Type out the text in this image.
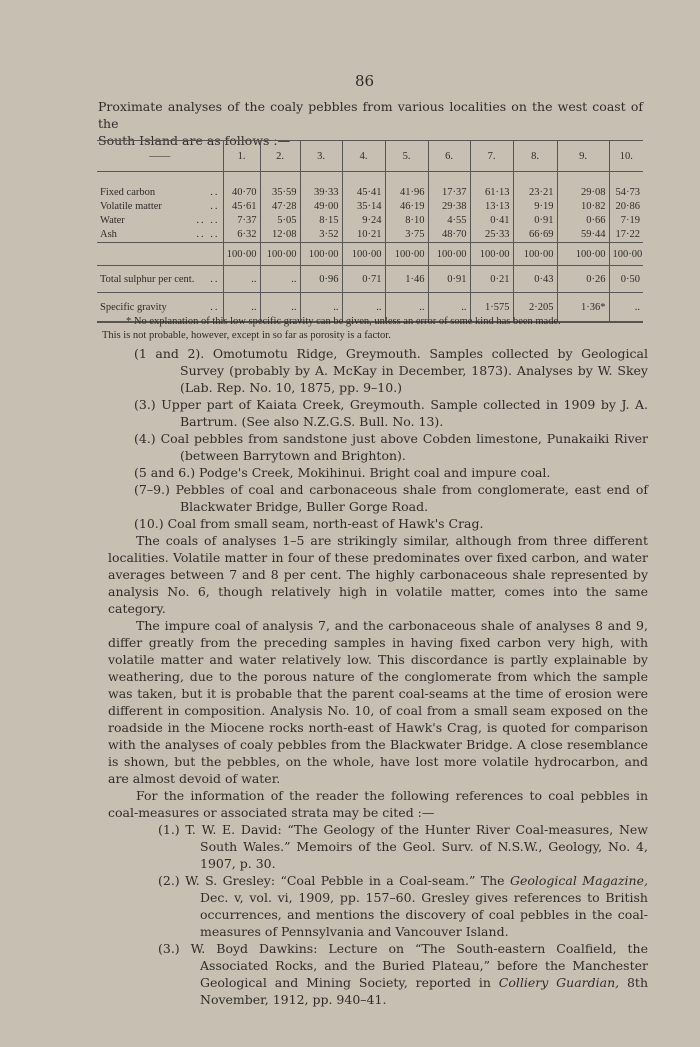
86
Proximate analyses of the coaly pebbles from various localities on the west coast of the
South Island are as follows :—
——	1.	2.	3.	4.	5.	6.	7.	8.	9.	10.
Fixed carbon ..	40·70	35·59	39·33	45·41	41·96	17·37	61·13	23·21	29·08	54·73
Volatile matter ..	45·61	47·28	49·00	35·14	46·19	29·38	13·13	9·19	10·82	20·86
Water .. ..	7·37	5·05	8·15	9·24	8·10	4·55	0·41	0·91	0·66	7·19
Ash .. ..	6·32	12·08	3·52	10·21	3·75	48·70	25·33	66·69	59·44	17·22
	100·00	100·00	100·00	100·00	100·00	100·00	100·00	100·00	100·00	100·00
Total sulphur per cent. ..	..	..	0·96	0·71	1·46	0·91	0·21	0·43	0·26	0·50
Specific gravity ..	..	..	..	..	..	..	1·575	2·205	1·36*	..
* No explanation of this low specific gravity can be given, unless an error of some kind has been made.
This is not probable, however, except in so far as porosity is a factor.

(1 and 2). Omotumotu Ridge, Greymouth. Samples collected by Geological Survey (probably by A. McKay in December, 1873). Analyses by W. Skey (Lab. Rep. No. 10, 1875, pp. 9–10.)

(3.) Upper part of Kaiata Creek, Greymouth. Sample collected in 1909 by J. A. Bartrum. (See also N.Z.G.S. Bull. No. 13).

(4.) Coal pebbles from sandstone just above Cobden limestone, Punakaiki River (between Barrytown and Brighton).

(5 and 6.) Podge's Creek, Mokihinui. Bright coal and impure coal.

(7–9.) Pebbles of coal and carbonaceous shale from conglomerate, east end of Blackwater Bridge, Buller Gorge Road.

(10.) Coal from small seam, north-east of Hawk's Crag.

The coals of analyses 1–5 are strikingly similar, although from three different localities. Volatile matter in four of these predominates over fixed carbon, and water averages between 7 and 8 per cent. The highly carbonaceous shale represented by analysis No. 6, though relatively high in volatile matter, comes into the same category.

The impure coal of analysis 7, and the carbonaceous shale of analyses 8 and 9, differ greatly from the preceding samples in having fixed carbon very high, with volatile matter and water relatively low. This discordance is partly explainable by weathering, due to the porous nature of the conglomerate from which the sample was taken, but it is probable that the parent coal-seams at the time of erosion were different in composition. Analysis No. 10, of coal from a small seam exposed on the roadside in the Miocene rocks north-east of Hawk's Crag, is quoted for comparison with the analyses of coaly pebbles from the Blackwater Bridge. A close resemblance is shown, but the pebbles, on the whole, have lost more volatile hydrocarbon, and are almost devoid of water.

For the information of the reader the following references to coal pebbles in coal-measures or associated strata may be cited :—

(1.) T. W. E. David: “The Geology of the Hunter River Coal-measures, New South Wales.” Memoirs of the Geol. Surv. of N.S.W., Geology, No. 4, 1907, p. 30.

(2.) W. S. Gresley: “Coal Pebble in a Coal-seam.” The Geological Magazine, Dec. v, vol. vi, 1909, pp. 157–60. Gresley gives references to British occurrences, and mentions the discovery of coal pebbles in the coal-measures of Pennsylvania and Vancouver Island.

(3.) W. Boyd Dawkins: Lecture on “The South-eastern Coalfield, the Associated Rocks, and the Buried Plateau,” before the Manchester Geological and Mining Society, reported in Colliery Guardian, 8th November, 1912, pp. 940–41.
